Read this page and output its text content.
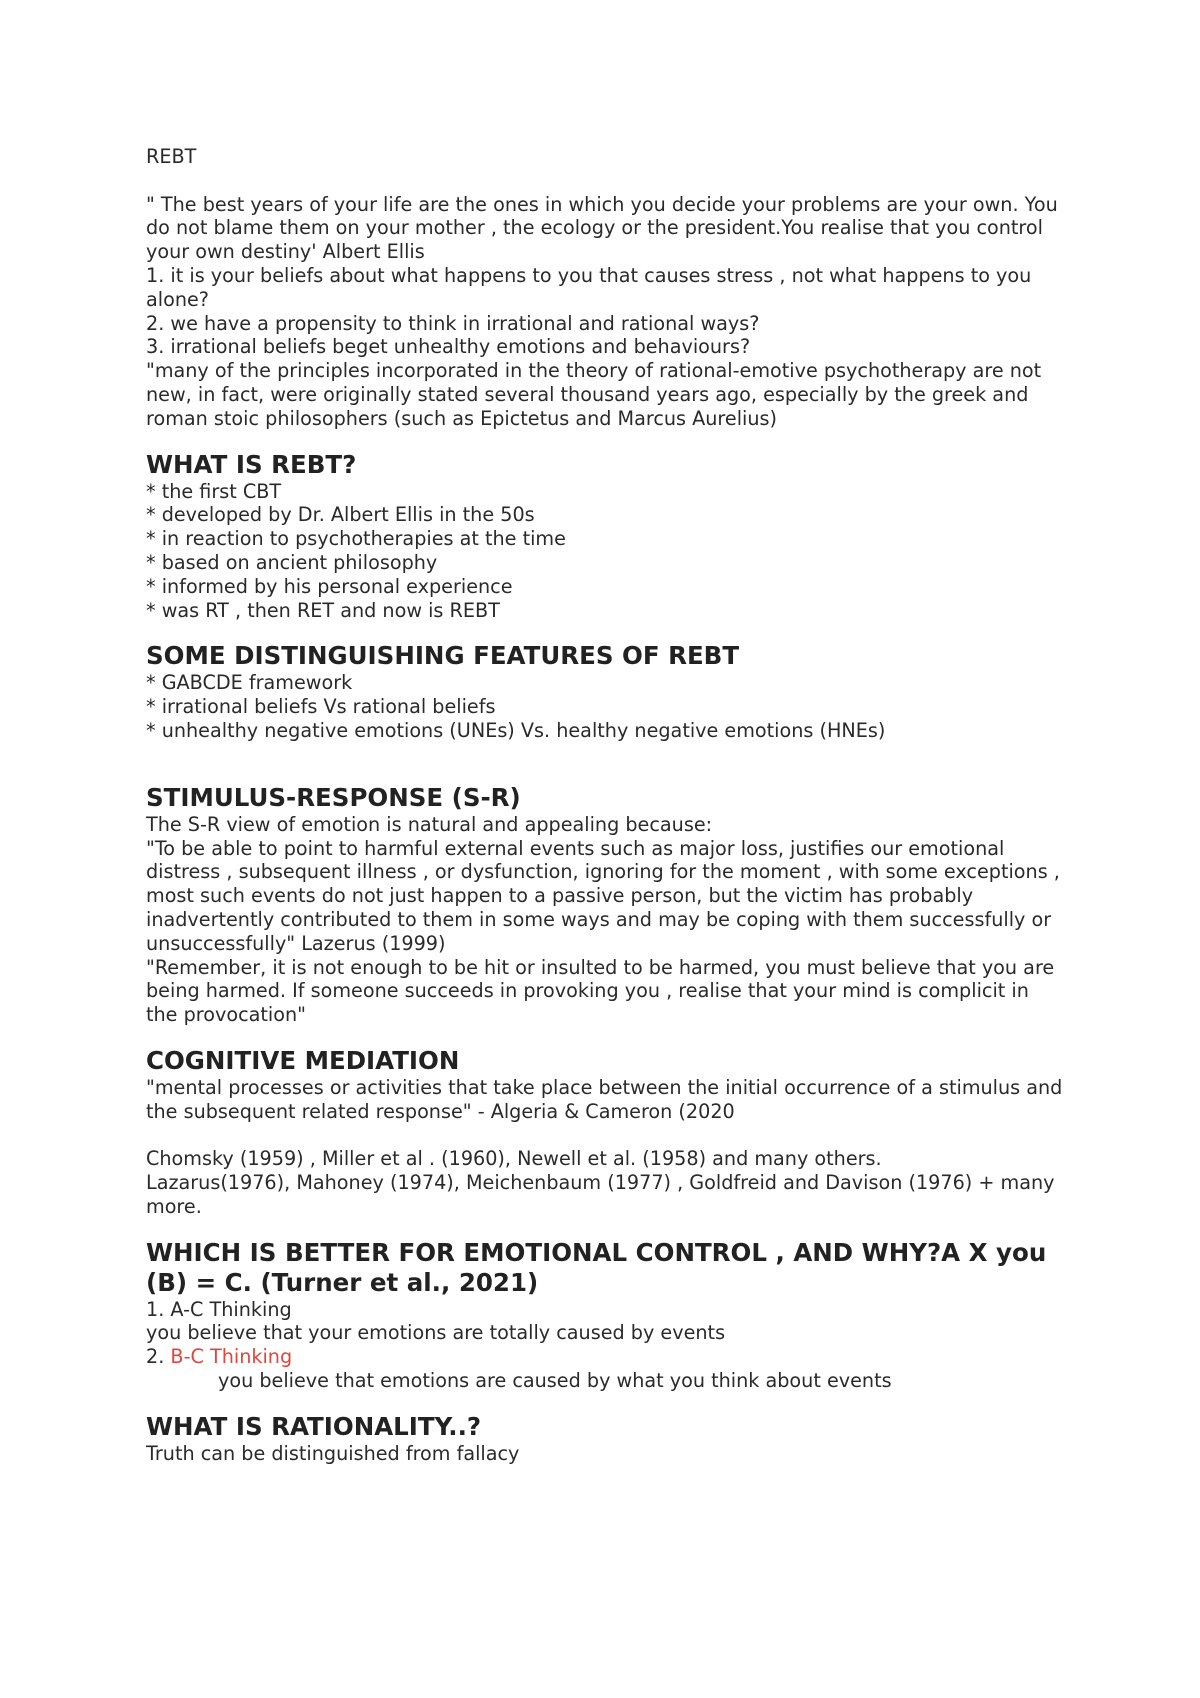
REBT

" The best years of your life are the ones in which you decide your problems are your own. You do not blame them on your mother , the ecology or the president.You realise that you control your own destiny' Albert Ellis

1. it is your beliefs about what happens to you that causes stress , not what happens to you alone?

2. we have a propensity to think in irrational and rational ways?

3. irrational beliefs beget unhealthy emotions and behaviours?

"many of the principles incorporated in the theory of rational-emotive psychotherapy are not new, in fact, were originally stated several thousand years ago, especially by the greek and roman stoic philosophers (such as Epictetus and Marcus Aurelius)

WHAT IS REBT?

* the first CBT

* developed by Dr. Albert Ellis in the 50s

* in reaction to psychotherapies at the time

* based on ancient philosophy

* informed by his personal experience

* was RT , then RET and now is REBT

SOME DISTINGUISHING FEATURES OF REBT

* GABCDE framework

* irrational beliefs Vs rational beliefs

* unhealthy negative emotions (UNEs) Vs. healthy negative emotions (HNEs)

STIMULUS-RESPONSE (S-R)

The S-R view of emotion is natural and appealing because:

"To be able to point to harmful external events such as major loss, justifies our emotional distress , subsequent illness , or dysfunction, ignoring for the moment , with some exceptions , most such events do not just happen to a passive person, but the victim has probably inadvertently contributed to them in some ways and may be coping with them successfully or unsuccessfully" Lazerus (1999)

"Remember, it is not enough to be hit or insulted to be harmed, you must believe that you are being harmed. If someone succeeds in provoking you , realise that your mind is complicit in the provocation"

COGNITIVE MEDIATION

"mental processes or activities that take place between the initial occurrence of a stimulus and the subsequent related response" - Algeria & Cameron (2020

Chomsky (1959) , Miller et al . (1960), Newell et al. (1958) and many others.

Lazarus(1976), Mahoney (1974), Meichenbaum (1977) , Goldfreid and Davison (1976) + many more.

WHICH IS BETTER FOR EMOTIONAL CONTROL , AND WHY?A X you (B) = C. (Turner et al., 2021)

1. A-C Thinking

you believe that your emotions are totally caused by events

2. B-C Thinking

you believe that emotions are caused by what you think about events

WHAT IS RATIONALITY..?

Truth can be distinguished from fallacy
